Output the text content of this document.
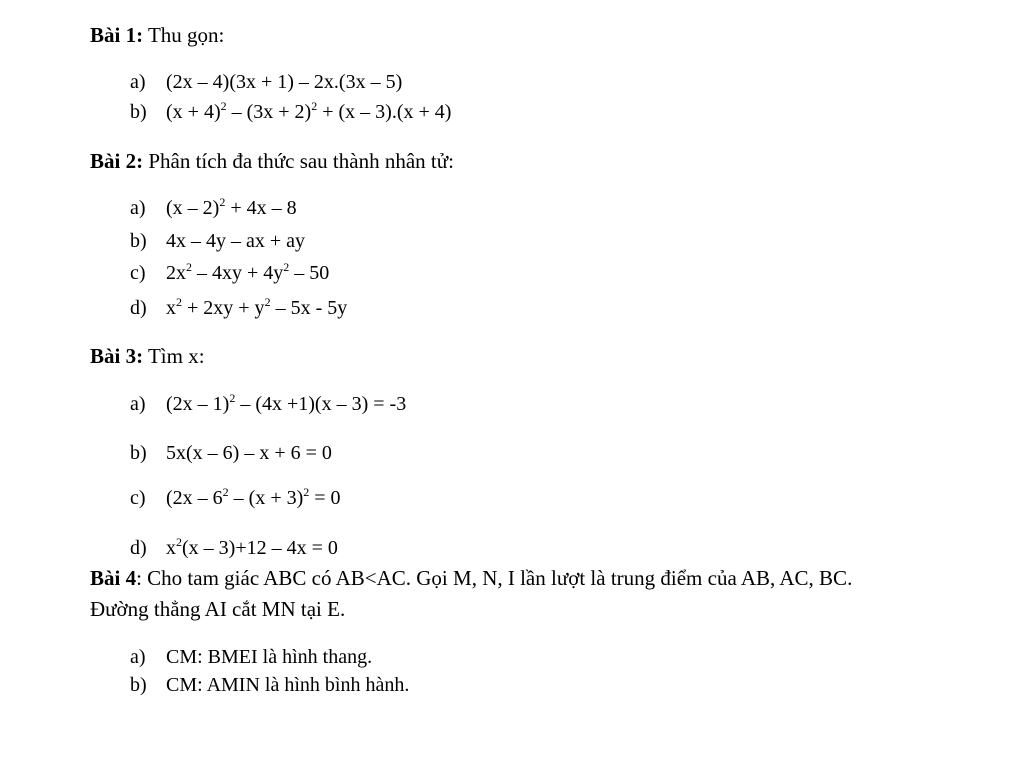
Bài 1: Thu gọn:
a) (2x – 4)(3x + 1) – 2x.(3x – 5)
b) $(x + 4)^2 - (3x + 2)^2 + (x - 3).(x + 4)$
Bài 2: Phân tích đa thức sau thành nhân tử:
a) (x – 2)$^2$ + 4x – 8
b) 4x – 4y – ax + ay
c) $2x^2 - 4xy + 4y^2 - 50$
d) $x^2 + 2xy + y^2 - 5x - 5y$
Bài 3: Tìm x:
a) (2x – 1)$^2$ – (4x +1)(x – 3) = -3
b) 5x(x – 6) – x + 6 = 0
c) ($2x - 6^2 - (x + 3)^2 = 0$
d) $x^2(x - 3)+12 - 4x = 0$
Bài 4: Cho tam giác ABC có AB<AC. Gọi M, N, I lần lượt là trung điểm của AB, AC, BC.
Đường thẳng AI cắt MN tại E.
a) CM: BMEI là hình thang.
b) CM: AMIN là hình bình hành.
